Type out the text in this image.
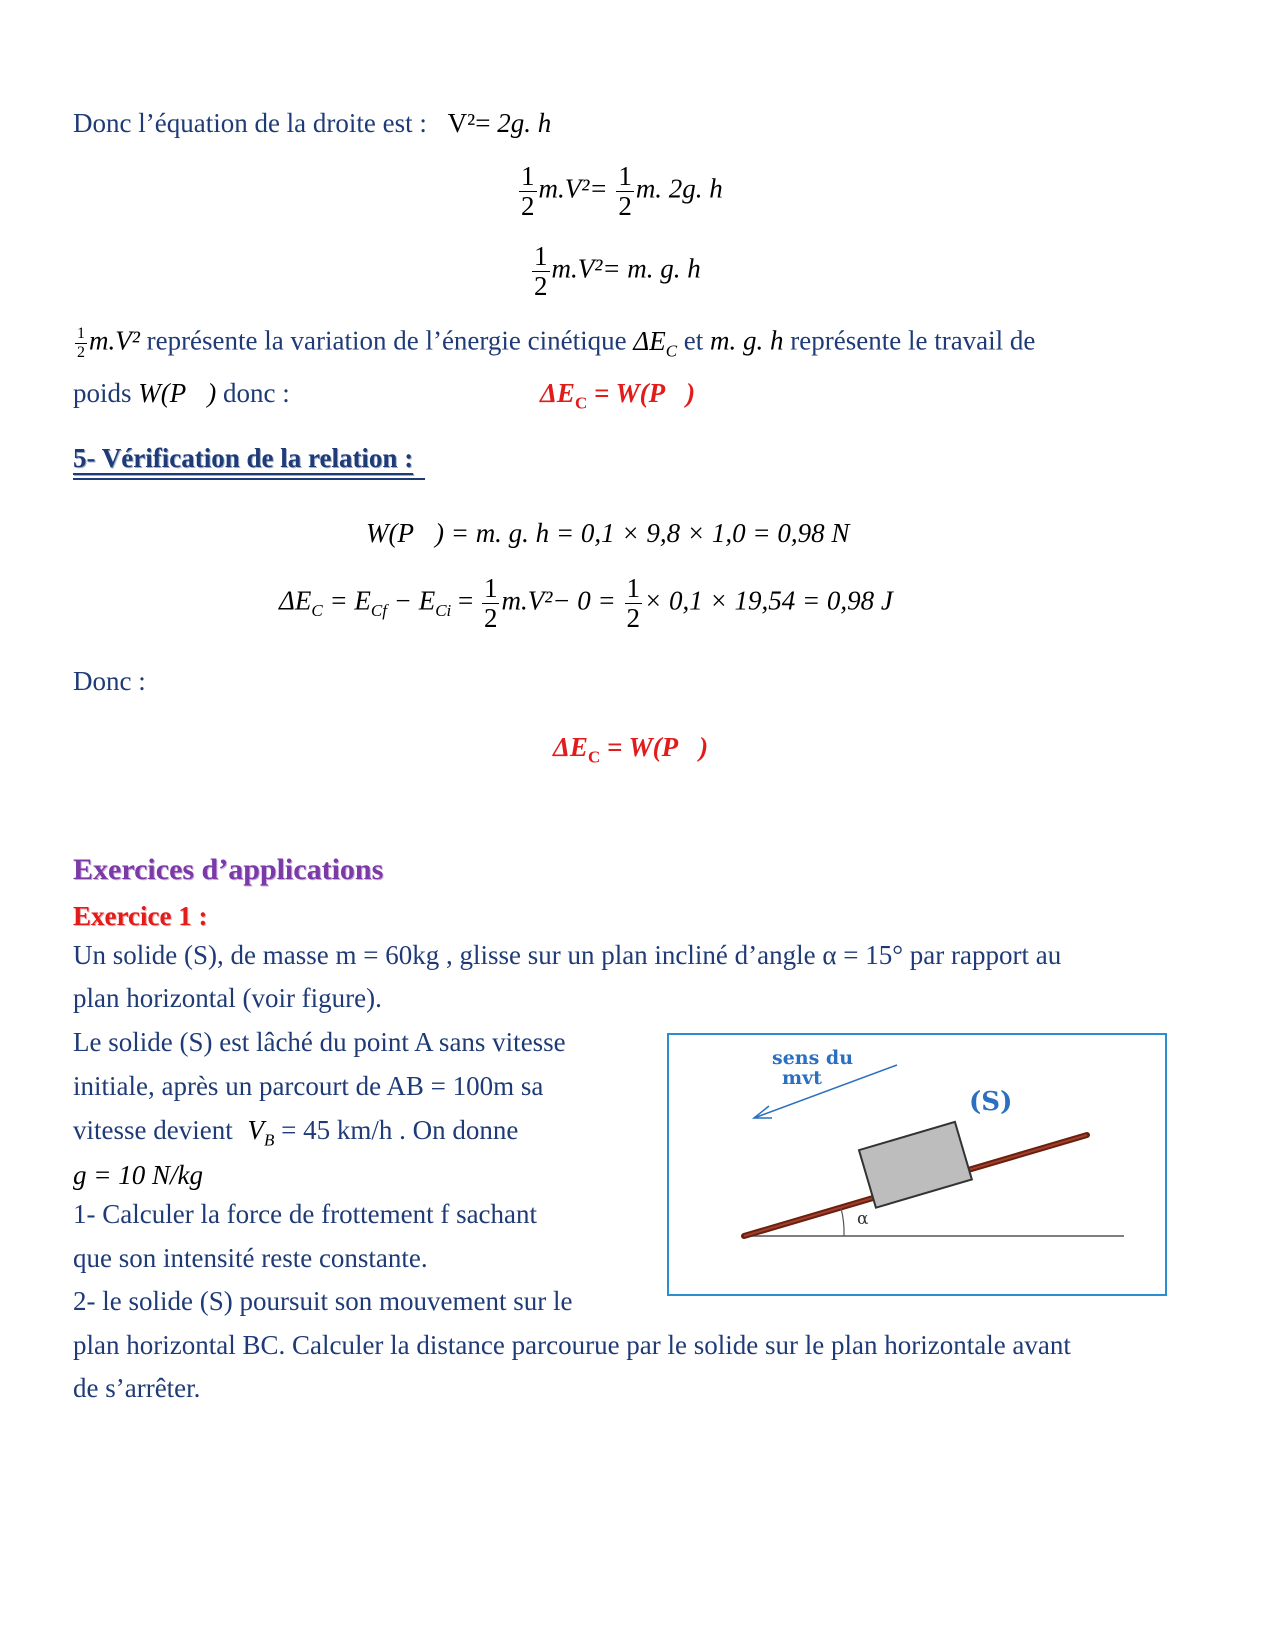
Donc l’équation de la droite est : V²= 2g. h
$\frac{1}{2} m.V^2= \frac{1}{2} m$. 2g. h
$\frac{1}{2} m.V^2= m$. g. h
$\frac{1}{2} m.V^2$ représente la variation de l’énergie cinétique $\Delta E_C$ et m. g. h représente le travail de
poids W(P⃗) donc :	$\Delta E_C$ = W(P⃗)
5- Vérification de la relation :
W(P⃗) = m. g. h = 0,1 × 9,8 × 1,0 = 0,98 N
$\Delta E_C = E_{Cf} - E_{Ci} = \frac{1}{2} m.V^2- 0 = \frac{1}{2} \times 0,1 \times 19,54 = 0,98$ J
Donc :
$\Delta E_C$ = W(P⃗)
Exercices d’applications
Exercice 1 :
Un solide (S), de masse m = 60kg , glisse sur un plan incliné d’angle α = 15° par rapport au
plan horizontal (voir figure).
Le solide (S) est lâché du point A sans vitesse
initiale, après un parcourt de AB = 100m sa
vitesse devient $V_B = 45$ km/h . On donne
g = 10 N/kg
1- Calculer la force de frottement f sachant
que son intensité reste constante.
2- le solide (S) poursuit son mouvement sur le
plan horizontal BC. Calculer la distance parcourue par le solide sur le plan horizontale avant
de s’arrêter.
sens du
mvt
(S)
α
